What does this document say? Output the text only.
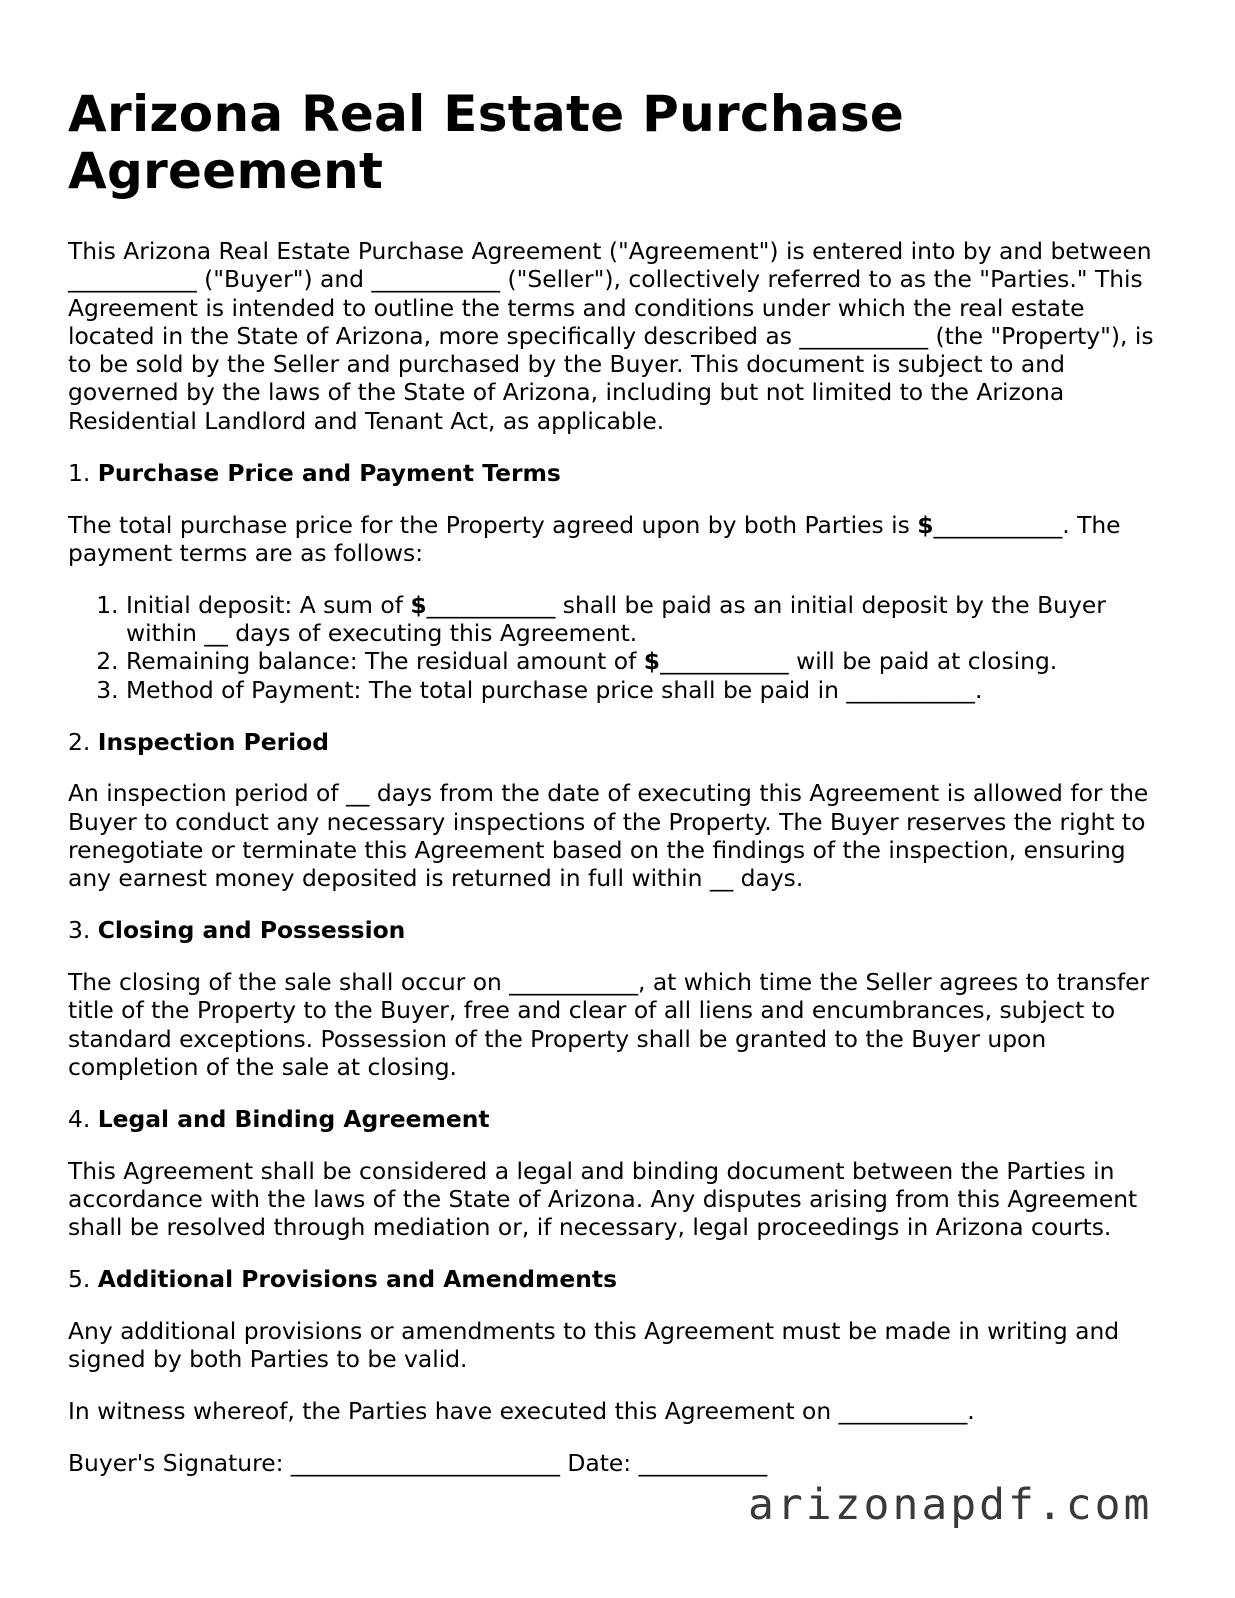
Arizona Real Estate Purchase Agreement

This Arizona Real Estate Purchase Agreement ("Agreement") is entered into by and between ___________ ("Buyer") and ___________ ("Seller"), collectively referred to as the "Parties." This Agreement is intended to outline the terms and conditions under which the real estate located in the State of Arizona, more specifically described as ___________ (the "Property"), is to be sold by the Seller and purchased by the Buyer. This document is subject to and governed by the laws of the State of Arizona, including but not limited to the Arizona Residential Landlord and Tenant Act, as applicable.

1. Purchase Price and Payment Terms

The total purchase price for the Property agreed upon by both Parties is $___________. The payment terms are as follows:

1. Initial deposit: A sum of $___________ shall be paid as an initial deposit by the Buyer within __ days of executing this Agreement.
2. Remaining balance: The residual amount of $___________ will be paid at closing.
3. Method of Payment: The total purchase price shall be paid in ___________.
2. Inspection Period

An inspection period of __ days from the date of executing this Agreement is allowed for the Buyer to conduct any necessary inspections of the Property. The Buyer reserves the right to renegotiate or terminate this Agreement based on the findings of the inspection, ensuring any earnest money deposited is returned in full within __ days.

3. Closing and Possession

The closing of the sale shall occur on ___________, at which time the Seller agrees to transfer title of the Property to the Buyer, free and clear of all liens and encumbrances, subject to standard exceptions. Possession of the Property shall be granted to the Buyer upon completion of the sale at closing.

4. Legal and Binding Agreement

This Agreement shall be considered a legal and binding document between the Parties in accordance with the laws of the State of Arizona. Any disputes arising from this Agreement shall be resolved through mediation or, if necessary, legal proceedings in Arizona courts.

5. Additional Provisions and Amendments

Any additional provisions or amendments to this Agreement must be made in writing and signed by both Parties to be valid.

In witness whereof, the Parties have executed this Agreement on ___________.

Buyer's Signature: _______________________ Date: ___________

arizonapdf.com
